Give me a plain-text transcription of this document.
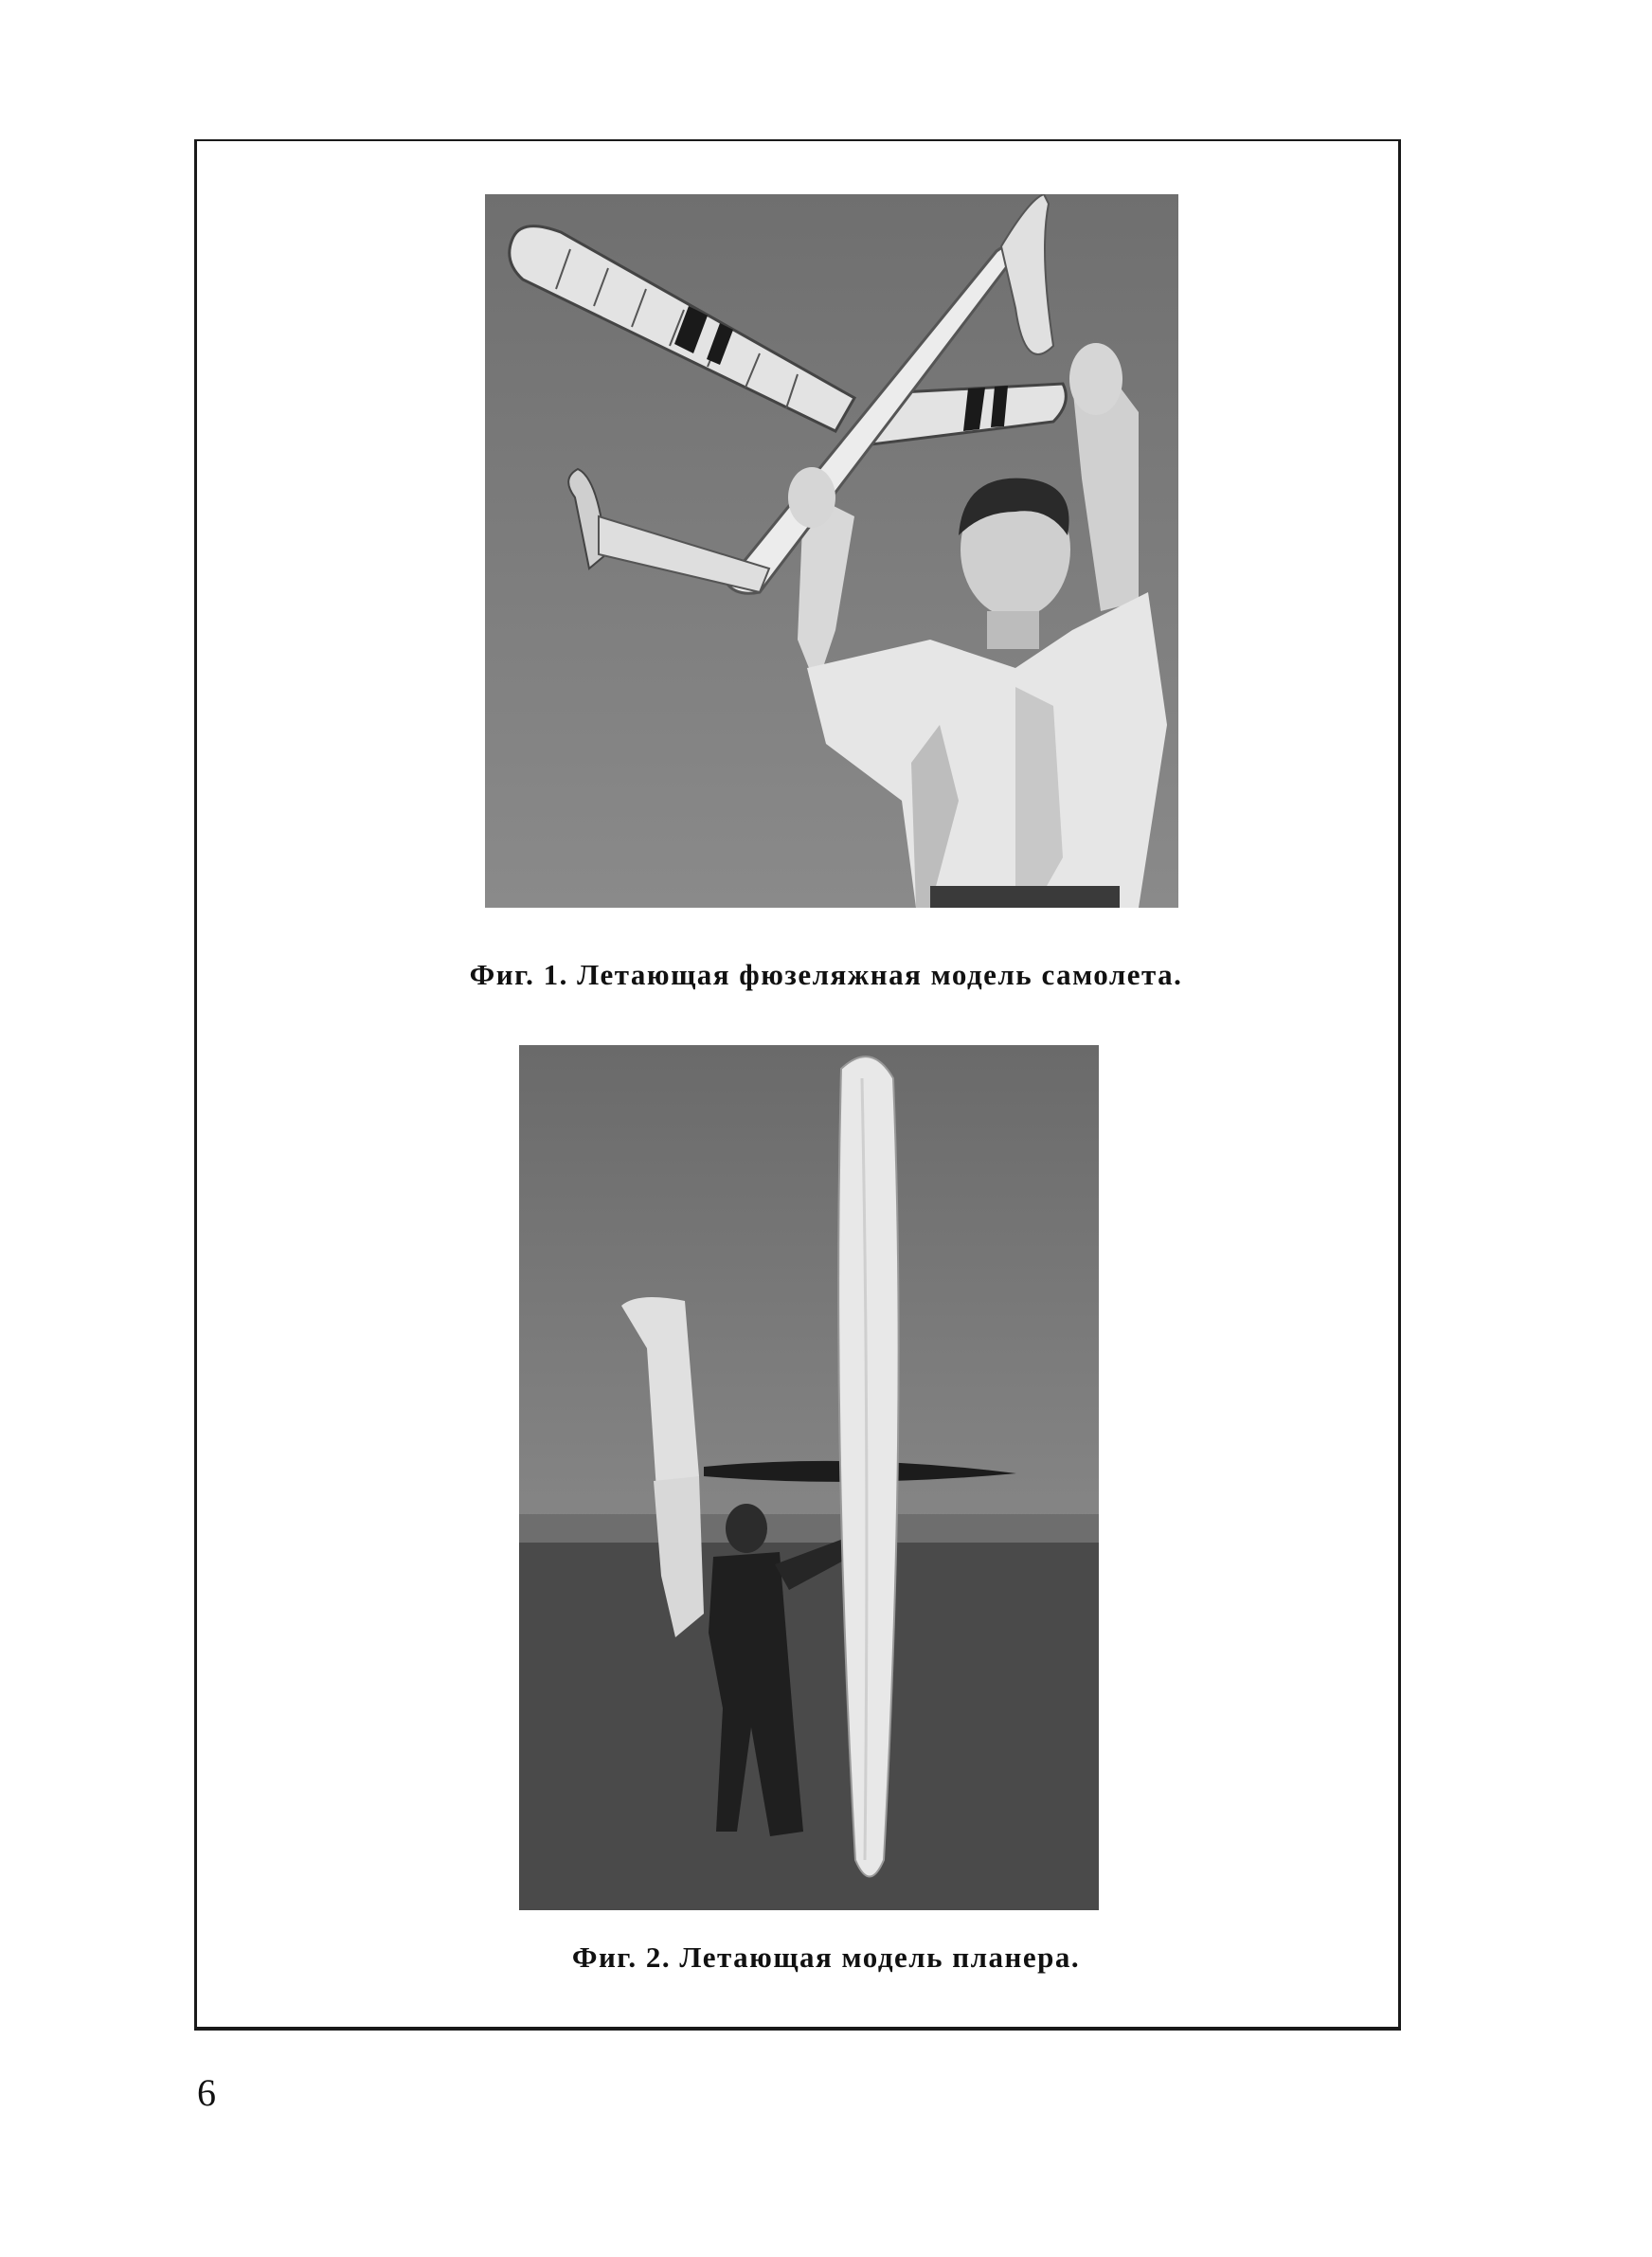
Фиг. 1. Летающая фюзеляжная модель самолета.
Фиг. 2. Летающая модель планера.
6
